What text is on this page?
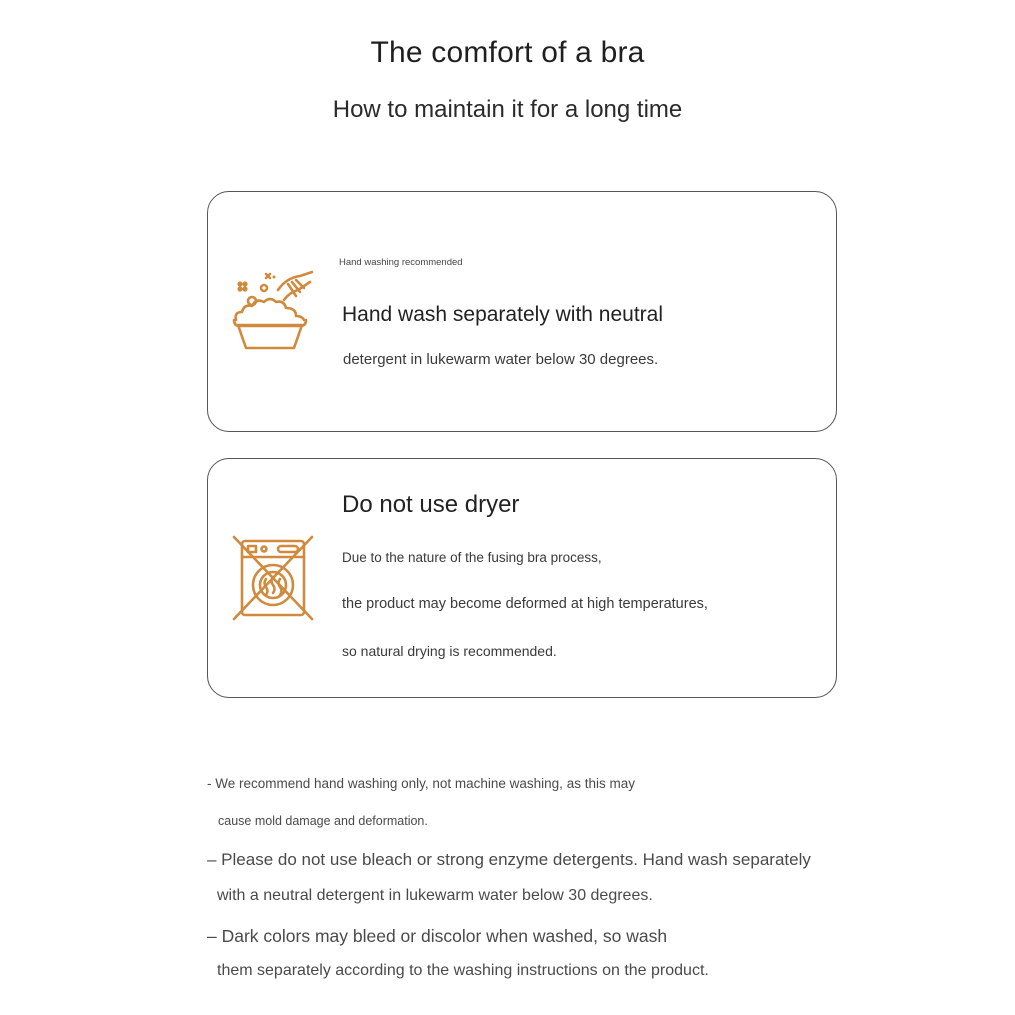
The comfort of a bra
How to maintain it for a long time
Hand washing recommended
Hand wash separately with neutral
detergent in lukewarm water below 30 degrees.
Do not use dryer
Due to the nature of the fusing bra process,
the product may become deformed at high temperatures,
so natural drying is recommended.
- We recommend hand washing only, not machine washing, as this may
cause mold damage and deformation.
– Please do not use bleach or strong enzyme detergents. Hand wash separately
with a neutral detergent in lukewarm water below 30 degrees.
– Dark colors may bleed or discolor when washed, so wash
them separately according to the washing instructions on the product.
